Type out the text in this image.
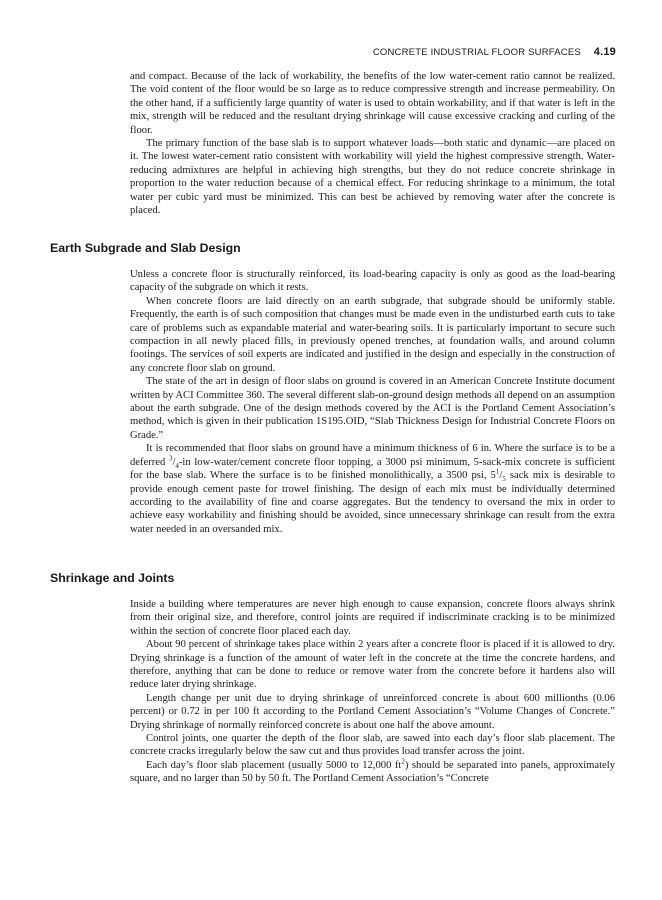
CONCRETE INDUSTRIAL FLOOR SURFACES 4.19

and compact. Because of the lack of workability, the benefits of the low water-cement ratio cannot be realized. The void content of the floor would be so large as to reduce compressive strength and increase permeability. On the other hand, if a sufficiently large quantity of water is used to obtain workability, and if that water is left in the mix, strength will be reduced and the resultant drying shrinkage will cause excessive cracking and curling of the floor.

The primary function of the base slab is to support whatever loads—both static and dynamic—are placed on it. The lowest water-cement ratio consistent with workability will yield the highest compressive strength. Water-reducing admixtures are helpful in achieving high strengths, but they do not reduce concrete shrinkage in proportion to the water reduction because of a chemical effect. For reducing shrinkage to a minimum, the total water per cubic yard must be minimized. This can best be achieved by removing water after the concrete is placed.

Earth Subgrade and Slab Design

Unless a concrete floor is structurally reinforced, its load-bearing capacity is only as good as the load-bearing capacity of the subgrade on which it rests.

When concrete floors are laid directly on an earth subgrade, that subgrade should be uniformly stable. Frequently, the earth is of such composition that changes must be made even in the undisturbed earth cuts to take care of problems such as expandable material and water-bearing soils. It is particularly important to secure such compaction in all newly placed fills, in previously opened trenches, at foundation walls, and around column footings. The services of soil experts are indicated and justified in the design and especially in the construction of any concrete floor slab on ground.

The state of the art in design of floor slabs on ground is covered in an American Concrete Institute document written by ACI Committee 360. The several different slab-on-ground design methods all depend on an assumption about the earth subgrade. One of the design methods covered by the ACI is the Portland Cement Association’s method, which is given in their publication 1S195.OID, “Slab Thickness Design for Industrial Concrete Floors on Grade.”

It is recommended that floor slabs on ground have a minimum thickness of 6 in. Where the surface is to be a deferred $^3/_4-in$ low-water/cement concrete floor topping, a 3000 psi minimum, 5-sack-mix concrete is sufficient for the base slab. Where the surface is to be finished monolithically, a 3500 psi, $5^1/_5$ sack mix is desirable to provide enough cement paste for trowel finishing. The design of each mix must be individually determined according to the availability of fine and coarse aggregates. But the tendency to oversand the mix in order to achieve easy workability and finishing should be avoided, since unnecessary shrinkage can result from the extra water needed in an oversanded mix.

Shrinkage and Joints

Inside a building where temperatures are never high enough to cause expansion, concrete floors always shrink from their original size, and therefore, control joints are required if indiscriminate cracking is to be minimized within the section of concrete floor placed each day.

About 90 percent of shrinkage takes place within 2 years after a concrete floor is placed if it is allowed to dry. Drying shrinkage is a function of the amount of water left in the concrete at the time the concrete hardens, and therefore, anything that can be done to reduce or remove water from the concrete before it hardens also will reduce later drying shrinkage.

Length change per unit due to drying shrinkage of unreinforced concrete is about 600 millionths (0.06 percent) or 0.72 in per 100 ft according to the Portland Cement Association’s “Volume Changes of Concrete.” Drying shrinkage of normally reinforced concrete is about one half the above amount.

Control joints, one quarter the depth of the floor slab, are sawed into each day’s floor slab placement. The concrete cracks irregularly below the saw cut and thus provides load transfer across the joint.

Each day’s floor slab placement (usually 5000 to 12,000 $ft^2$) should be separated into panels, approximately square, and no larger than 50 by 50 ft. The Portland Cement Association’s “Concrete
